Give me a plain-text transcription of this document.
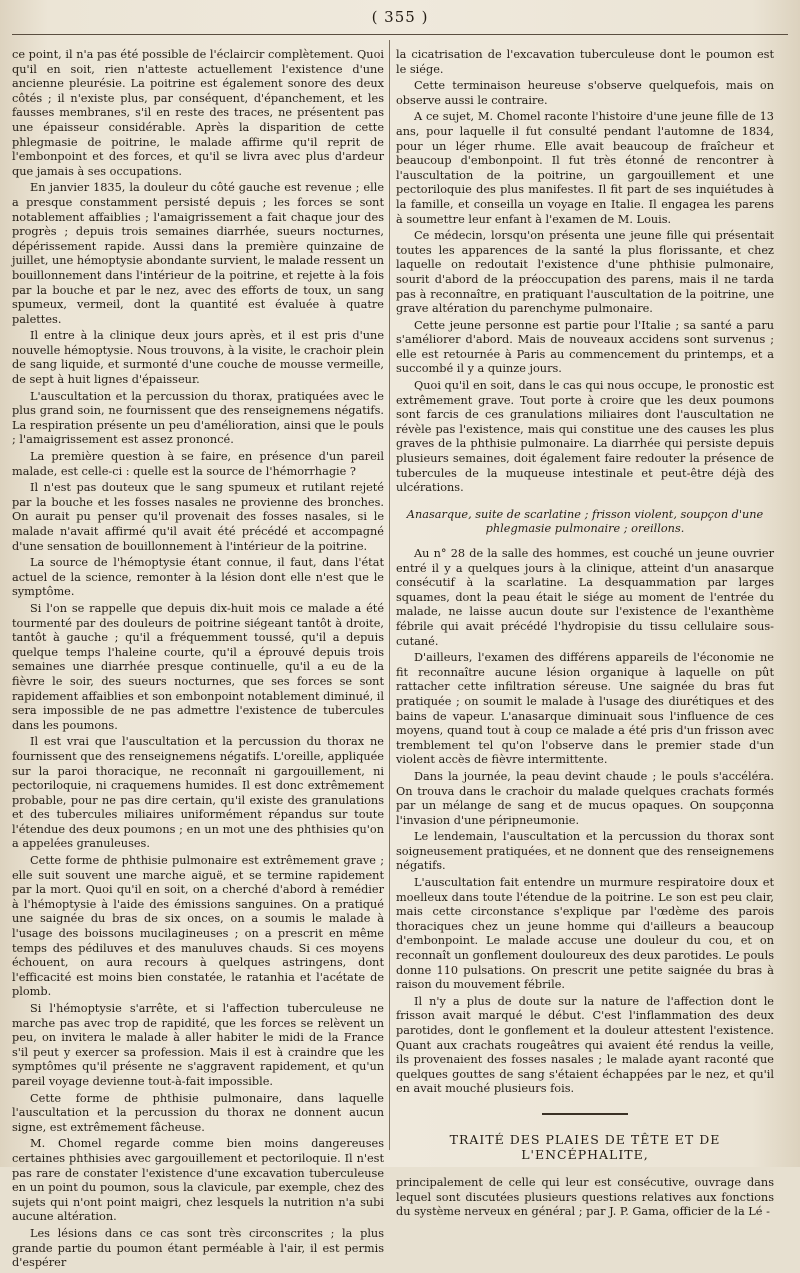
( 355 )

ce point, il n'a pas été possible de l'éclaircir complètement. Quoi qu'il en soit, rien n'atteste actuellement l'existence d'une ancienne pleurésie. La poitrine est également sonore des deux côtés ; il n'existe plus, par conséquent, d'épanchement, et les fausses membranes, s'il en reste des traces, ne présentent pas une épaisseur considérable. Après la disparition de cette phlegmasie de poitrine, le malade affirme qu'il reprit de l'embonpoint et des forces, et qu'il se livra avec plus d'ardeur que jamais à ses occupations.

En janvier 1835, la douleur du côté gauche est revenue ; elle a presque constamment persisté depuis ; les forces se sont notablement affaiblies ; l'amaigrissement a fait chaque jour des progrès ; depuis trois semaines diarrhée, sueurs nocturnes, dépérissement rapide. Aussi dans la première quinzaine de juillet, une hémoptysie abondante survient, le malade ressent un bouillonnement dans l'intérieur de la poitrine, et rejette à la fois par la bouche et par le nez, avec des efforts de toux, un sang spumeux, vermeil, dont la quantité est évaluée à quatre palettes.

Il entre à la clinique deux jours après, et il est pris d'une nouvelle hémoptysie. Nous trouvons, à la visite, le crachoir plein de sang liquide, et surmonté d'une couche de mousse vermeille, de sept à huit lignes d'épaisseur.

L'auscultation et la percussion du thorax, pratiquées avec le plus grand soin, ne fournissent que des renseignemens négatifs. La respiration présente un peu d'amélioration, ainsi que le pouls ; l'amaigrissement est assez prononcé.

La première question à se faire, en présence d'un pareil malade, est celle-ci : quelle est la source de l'hémorrhagie ?

Il n'est pas douteux que le sang spumeux et rutilant rejeté par la bouche et les fosses nasales ne provienne des bronches. On aurait pu penser qu'il provenait des fosses nasales, si le malade n'avait affirmé qu'il avait été précédé et accompagné d'une sensation de bouillonnement à l'intérieur de la poitrine.

La source de l'hémoptysie étant connue, il faut, dans l'état actuel de la science, remonter à la lésion dont elle n'est que le symptôme.

Si l'on se rappelle que depuis dix-huit mois ce malade a été tourmenté par des douleurs de poitrine siégeant tantôt à droite, tantôt à gauche ; qu'il a fréquemment toussé, qu'il a depuis quelque temps l'haleine courte, qu'il a éprouvé depuis trois semaines une diarrhée presque continuelle, qu'il a eu de la fièvre le soir, des sueurs nocturnes, que ses forces se sont rapidement affaiblies et son embonpoint notablement diminué, il sera impossible de ne pas admettre l'existence de tubercules dans les poumons.

Il est vrai que l'auscultation et la percussion du thorax ne fournissent que des renseignemens négatifs. L'oreille, appliquée sur la paroi thoracique, ne reconnaît ni gargouillement, ni pectoriloquie, ni craquemens humides. Il est donc extrêmement probable, pour ne pas dire certain, qu'il existe des granulations et des tubercules miliaires uniformément répandus sur toute l'étendue des deux poumons ; en un mot une des phthisies qu'on a appelées granuleuses.

Cette forme de phthisie pulmonaire est extrêmement grave ; elle suit souvent une marche aiguë, et se termine rapidement par la mort. Quoi qu'il en soit, on a cherché d'abord à remédier à l'hémoptysie à l'aide des émissions sanguines. On a pratiqué une saignée du bras de six onces, on a soumis le malade à l'usage des boissons mucilagineuses ; on a prescrit en même temps des pédiluves et des manuluves chauds. Si ces moyens échouent, on aura recours à quelques astringens, dont l'efficacité est moins bien constatée, le ratanhia et l'acétate de plomb.

Si l'hémoptysie s'arrête, et si l'affection tuberculeuse ne marche pas avec trop de rapidité, que les forces se relèvent un peu, on invitera le malade à aller habiter le midi de la France s'il peut y exercer sa profession. Mais il est à craindre que les symptômes qu'il présente ne s'aggravent rapidement, et qu'un pareil voyage devienne tout-à-fait impossible.

Cette forme de phthisie pulmonaire, dans laquelle l'auscultation et la percussion du thorax ne donnent aucun signe, est extrêmement fâcheuse.

M. Chomel regarde comme bien moins dangereuses certaines phthisies avec gargouillement et pectoriloquie. Il n'est pas rare de constater l'existence d'une excavation tuberculeuse en un point du poumon, sous la clavicule, par exemple, chez des sujets qui n'ont point maigri, chez lesquels la nutrition n'a subi aucune altération.

Les lésions dans ce cas sont très circonscrites ; la plus grande partie du poumon étant perméable à l'air, il est permis d'espérer

la cicatrisation de l'excavation tuberculeuse dont le poumon est le siége.

Cette terminaison heureuse s'observe quelquefois, mais on observe aussi le contraire.

A ce sujet, M. Chomel raconte l'histoire d'une jeune fille de 13 ans, pour laquelle il fut consulté pendant l'automne de 1834, pour un léger rhume. Elle avait beaucoup de fraîcheur et beaucoup d'embonpoint. Il fut très étonné de rencontrer à l'auscultation de la poitrine, un gargouillement et une pectoriloquie des plus manifestes. Il fit part de ses inquiétudes à la famille, et conseilla un voyage en Italie. Il engagea les parens à soumettre leur enfant à l'examen de M. Louis.

Ce médecin, lorsqu'on présenta une jeune fille qui présentait toutes les apparences de la santé la plus florissante, et chez laquelle on redoutait l'existence d'une phthisie pulmonaire, sourit d'abord de la préoccupation des parens, mais il ne tarda pas à reconnaître, en pratiquant l'auscultation de la poitrine, une grave altération du parenchyme pulmonaire.

Cette jeune personne est partie pour l'Italie ; sa santé a paru s'améliorer d'abord. Mais de nouveaux accidens sont survenus ; elle est retournée à Paris au commencement du printemps, et a succombé il y a quinze jours.

Quoi qu'il en soit, dans le cas qui nous occupe, le pronostic est extrêmement grave. Tout porte à croire que les deux poumons sont farcis de ces granulations miliaires dont l'auscultation ne révèle pas l'existence, mais qui constitue une des causes les plus graves de la phthisie pulmonaire. La diarrhée qui persiste depuis plusieurs semaines, doit également faire redouter la présence de tubercules de la muqueuse intestinale et peut-être déjà des ulcérations.

Anasarque, suite de scarlatine ; frisson violent, soupçon d'une phlegmasie pulmonaire ; oreillons.

Au n° 28 de la salle des hommes, est couché un jeune ouvrier entré il y a quelques jours à la clinique, atteint d'un anasarque consécutif à la scarlatine. La desquammation par larges squames, dont la peau était le siége au moment de l'entrée du malade, ne laisse aucun doute sur l'existence de l'exanthème fébrile qui avait précédé l'hydropisie du tissu cellulaire sous-cutané.

D'ailleurs, l'examen des différens appareils de l'économie ne fit reconnaître aucune lésion organique à laquelle on pût rattacher cette infiltration séreuse. Une saignée du bras fut pratiquée ; on soumit le malade à l'usage des diurétiques et des bains de vapeur. L'anasarque diminuait sous l'influence de ces moyens, quand tout à coup ce malade a été pris d'un frisson avec tremblement tel qu'on l'observe dans le premier stade d'un violent accès de fièvre intermittente.

Dans la journée, la peau devint chaude ; le pouls s'accéléra. On trouva dans le crachoir du malade quelques crachats formés par un mélange de sang et de mucus opaques. On soupçonna l'invasion d'une péripneumonie.

Le lendemain, l'auscultation et la percussion du thorax sont soigneusement pratiquées, et ne donnent que des renseignemens négatifs.

L'auscultation fait entendre un murmure respiratoire doux et moelleux dans toute l'étendue de la poitrine. Le son est peu clair, mais cette circonstance s'explique par l'œdème des parois thoraciques chez un jeune homme qui d'ailleurs a beaucoup d'embonpoint. Le malade accuse une douleur du cou, et on reconnaît un gonflement douloureux des deux parotides. Le pouls donne 110 pulsations. On prescrit une petite saignée du bras à raison du mouvement fébrile.

Il n'y a plus de doute sur la nature de l'affection dont le frisson avait marqué le début. C'est l'inflammation des deux parotides, dont le gonflement et la douleur attestent l'existence. Quant aux crachats rougeâtres qui avaient été rendus la veille, ils provenaient des fosses nasales ; le malade ayant raconté que quelques gouttes de sang s'étaient échappées par le nez, et qu'il en avait mouché plusieurs fois.

TRAITÉ DES PLAIES DE TÊTE ET DE L'ENCÉPHALITE,

principalement de celle qui leur est consécutive, ouvrage dans lequel sont discutées plusieurs questions relatives aux fonctions du système nerveux en général ; par J. P. Gama, officier de la Lé -
